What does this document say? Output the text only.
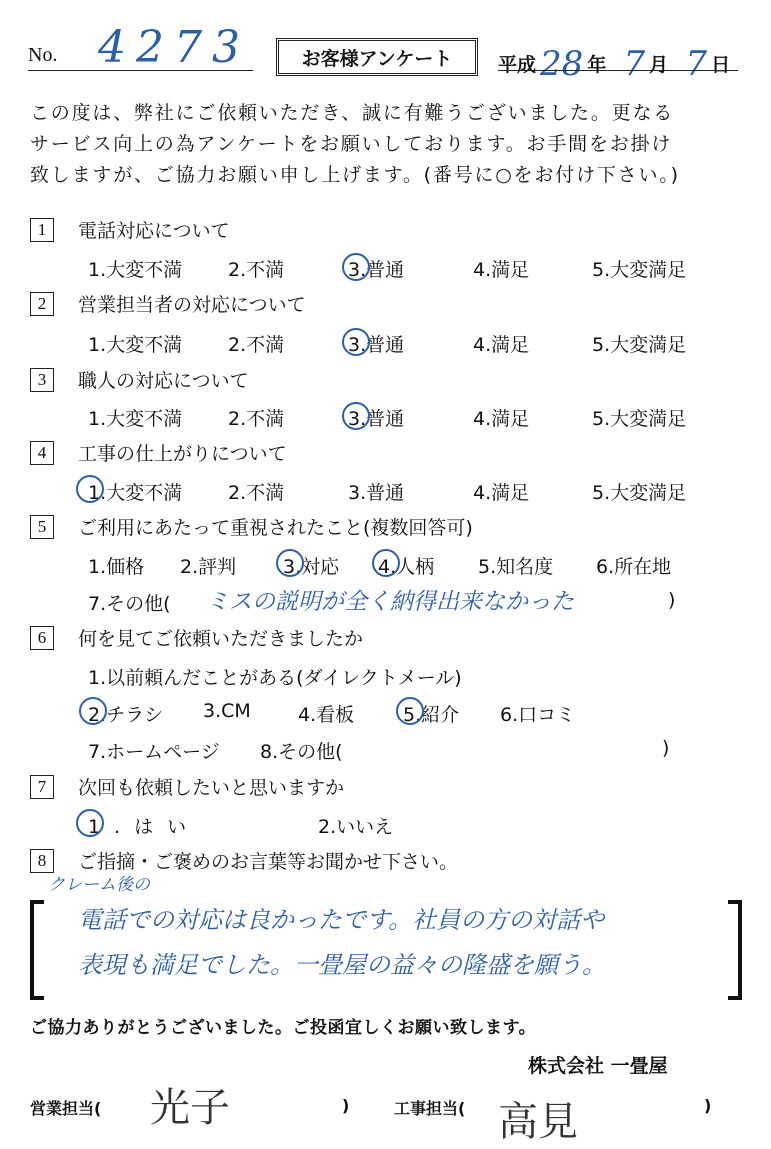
No. 4273	お客様アンケート 平成 28 年 7 月 7 日
この度は、弊社にご依頼いただき、誠に有難うございました。更なる
サービス向上の為アンケートをお願いしております。お手間をお掛け
致しますが、ご協力お願い申し上げます。(番号に○をお付け下さい。)
1	電話対応について
1.大変不満 2.不満	3.普通	4.満足	5.大変満足
2	営業担当者の対応について
1.大変不満 2.不満	3.普通	4.満足	5.大変満足
3	職人の対応について
1.大変不満 2.不満	3.普通	4.満足	5.大変満足
4	工事の仕上がりについて
1.大変不満 2.不満	3.普通	4.満足	5.大変満足
5	ご利用にあたって重視されたこと(複数回答可)
1.価格 2.評判 3.対応 4.人柄 5.知名度 6.所在地
7.その他( ミスの説明が全く納得出来なかった	)
6	何を見てご依頼いただきましたか
1.以前頼んだことがある(ダイレクトメール)
2.チラシ 3.CM 4.看板	5.紹介 6.口コミ
7.ホームページ 8.その他(	)
7	次回も依頼したいと思いますか
1.はい	2.いいえ
8	ご指摘・ご褒めのお言葉等お聞かせ下さい。
クレーム後の
電話での対応は良かったです。社員の方の対話や
表現も満足でした。一畳屋の益々の隆盛を願う。
ご協力ありがとうございました。ご投函宜しくお願い致します。
株式会社 一畳屋
営業担当( 光子	)	工事担当( 高見	)
